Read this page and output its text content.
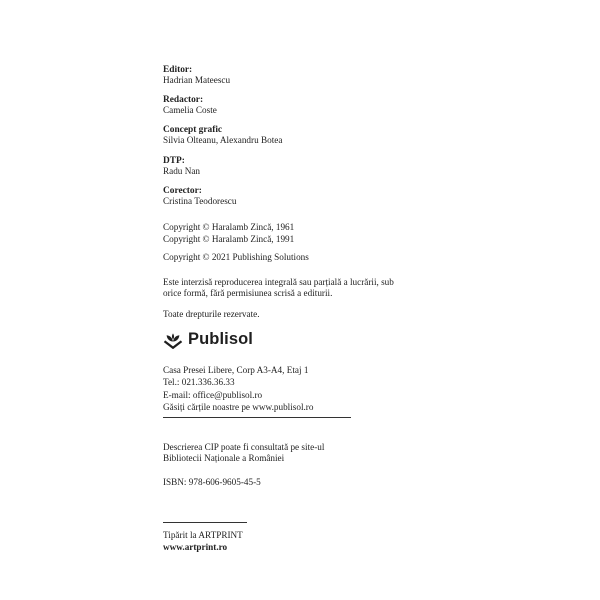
Editor:
Hadrian Mateescu
Redactor:
Camelia Coste
Concept grafic
Silvia Olteanu, Alexandru Botea
DTP:
Radu Nan
Corector:
Cristina Teodorescu
Copyright © Haralamb Zincă, 1961
Copyright © Haralamb Zincă, 1991
Copyright © 2021 Publishing Solutions
Este interzisă reproducerea integrală sau parțială a lucrării, sub
orice formă, fără permisiunea scrisă a editurii.
Toate drepturile rezervate.
Publisol
Casa Presei Libere, Corp A3-A4, Etaj 1
Tel.: 021.336.36.33
E-mail: office@publisol.ro
Găsiți cărțile noastre pe www.publisol.ro
Descrierea CIP poate fi consultată pe site-ul
Bibliotecii Naționale a României
ISBN: 978-606-9605-45-5
Tipărit la ARTPRINT
www.artprint.ro
